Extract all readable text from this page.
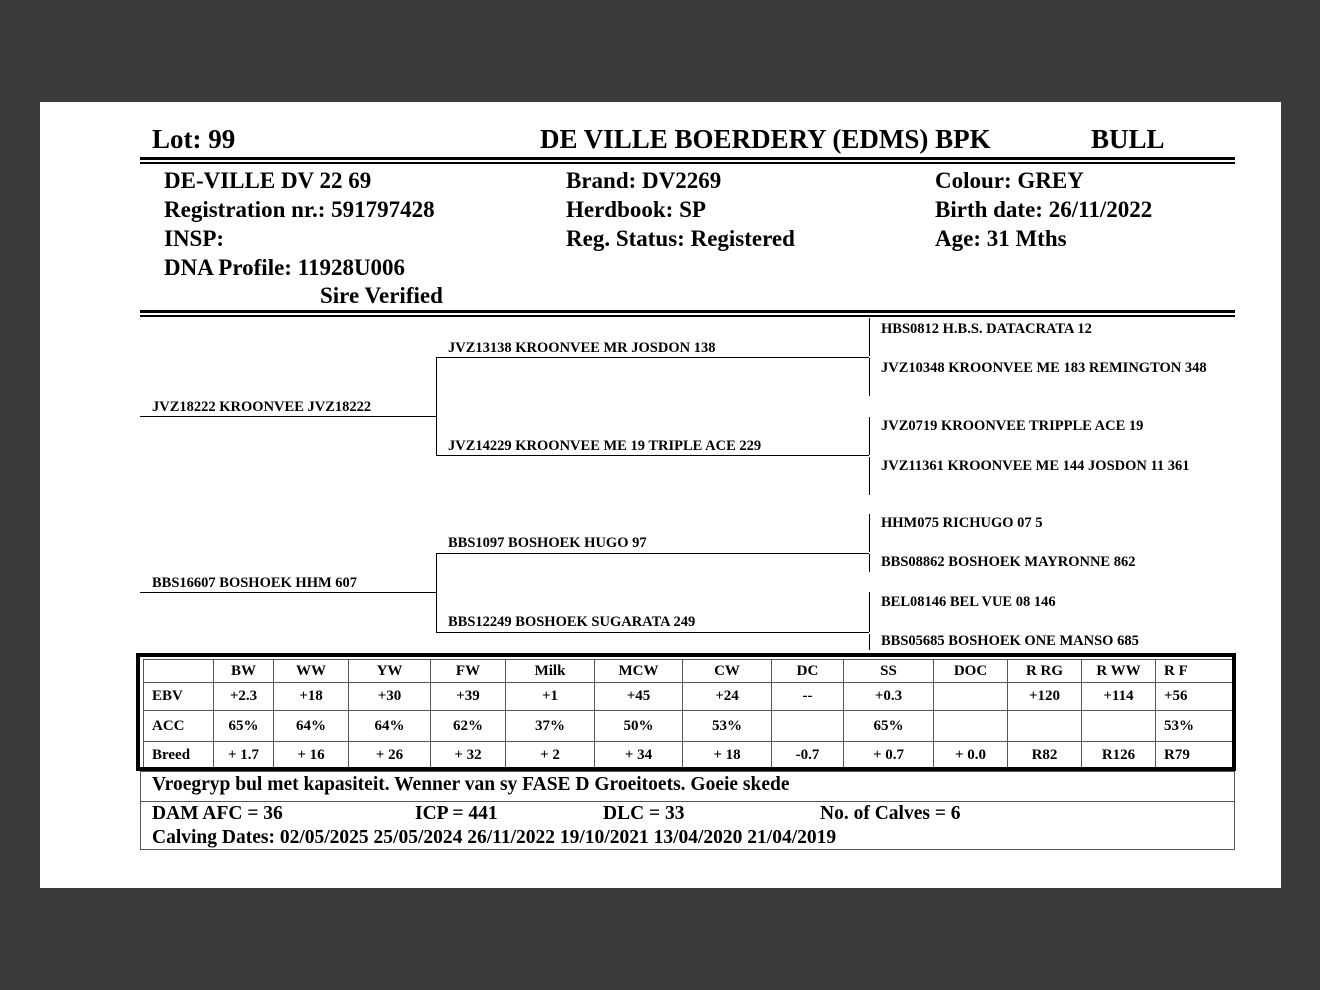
Lot: 99	DE VILLE BOERDERY (EDMS) BPK	BULL
DE-VILLE DV 22 69
Registration nr.: 591797428
INSP:
DNA Profile: 11928U006
Sire Verified
Brand: DV2269
Herdbook: SP
Reg. Status: Registered
Colour: GREY
Birth date: 26/11/2022
Age: 31 Mths
JVZ18222 KROONVEE JVZ18222
JVZ13138 KROONVEE MR JOSDON 138
JVZ14229 KROONVEE ME 19 TRIPLE ACE 229
BBS16607 BOSHOEK HHM 607
BBS1097 BOSHOEK HUGO 97
BBS12249 BOSHOEK SUGARATA 249
HBS0812 H.B.S. DATACRATA 12
JVZ10348 KROONVEE ME 183 REMINGTON 348
JVZ0719 KROONVEE TRIPPLE ACE 19
JVZ11361 KROONVEE ME 144 JOSDON 11 361
HHM075 RICHUGO 07 5
BBS08862 BOSHOEK MAYRONNE 862
BEL08146 BEL VUE 08 146
BBS05685 BOSHOEK ONE MANSO 685
	BW	WW	YW	FW	Milk	MCW	CW	DC	SS	DOC	R RG	R WW	R F
EBV	+2.3	+18	+30	+39	+1	+45	+24	--	+0.3		+120	+114	+56
ACC	65%	64%	64%	62%	37%	50%	53%		65%				53%
Breed	+ 1.7	+ 16	+ 26	+ 32	+ 2	+ 34	+ 18	-0.7	+ 0.7	+ 0.0	R82	R126	R79
Vroegryp bul met kapasiteit. Wenner van sy FASE D Groeitoets. Goeie skede
DAM AFC = 36	ICP = 441	DLC = 33	No. of Calves = 6
Calving Dates: 02/05/2025 25/05/2024 26/11/2022 19/10/2021 13/04/2020 21/04/2019
